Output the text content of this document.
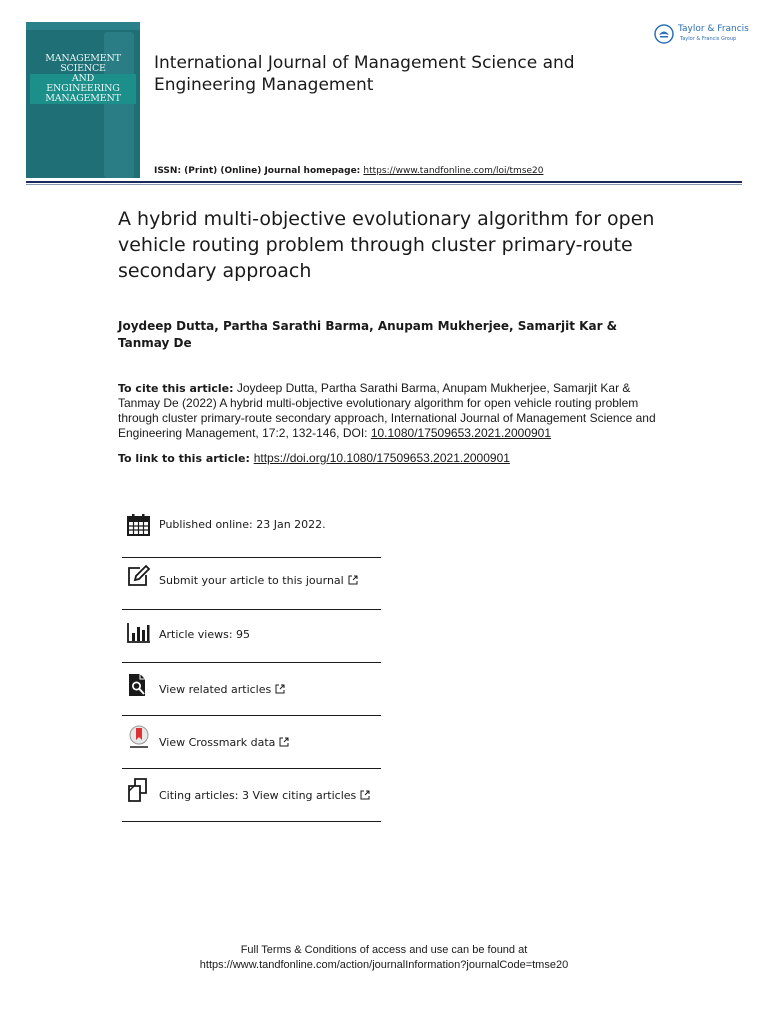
MANAGEMENT
SCIENCE
AND
ENGINEERING
MANAGEMENT
International Journal of Management Science and Engineering Management
Taylor & Francis
Taylor & Francis Group
ISSN: (Print) (Online) Journal homepage: https://www.tandfonline.com/loi/tmse20
A hybrid multi-objective evolutionary algorithm for open vehicle routing problem through cluster primary-route secondary approach
Joydeep Dutta, Partha Sarathi Barma, Anupam Mukherjee, Samarjit Kar & Tanmay De
To cite this article: Joydeep Dutta, Partha Sarathi Barma, Anupam Mukherjee, Samarjit Kar & Tanmay De (2022) A hybrid multi-objective evolutionary algorithm for open vehicle routing problem through cluster primary-route secondary approach, International Journal of Management Science and Engineering Management, 17:2, 132-146, DOI: 10.1080/17509653.2021.2000901
To link to this article: https://doi.org/10.1080/17509653.2021.2000901
Published online: 23 Jan 2022.
Submit your article to this journal
Article views: 95
View related articles
View Crossmark data
Citing articles: 3 View citing articles
Full Terms & Conditions of access and use can be found at
https://www.tandfonline.com/action/journalInformation?journalCode=tmse20
